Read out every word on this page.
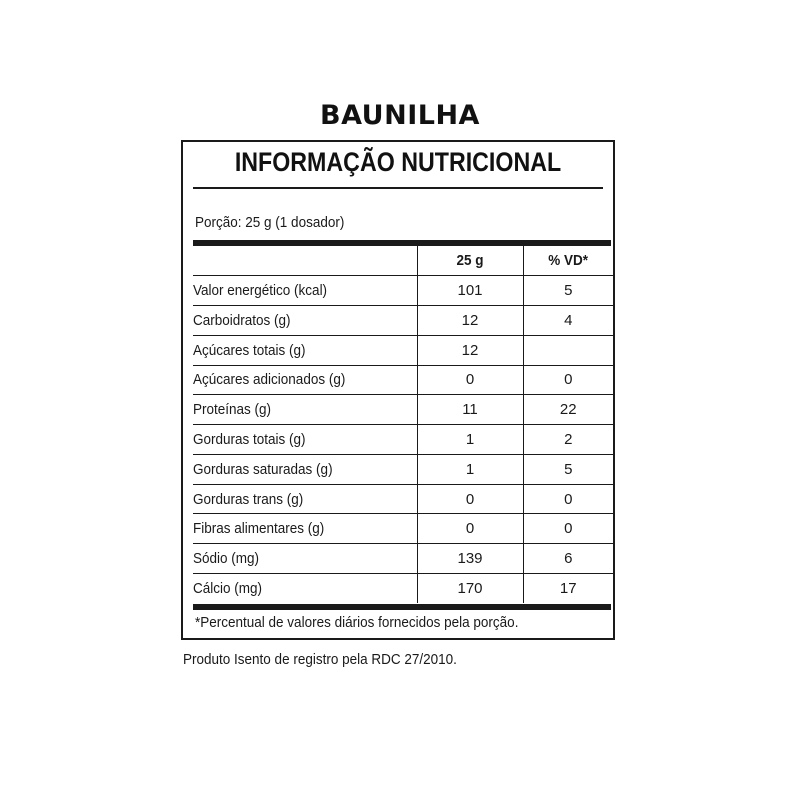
BAUNILHA
INFORMAÇÃO NUTRICIONAL
Porção: 25 g (1 dosador)
	25 g	% VD*
Valor energético (kcal)	101	5
Carboidratos (g)	12	4
Açúcares totais (g)	12	
Açúcares adicionados (g)	0	0
Proteínas (g)	11	22
Gorduras totais (g)	1	2
Gorduras saturadas (g)	1	5
Gorduras trans (g)	0	0
Fibras alimentares (g)	0	0
Sódio (mg)	139	6
Cálcio (mg)	170	17
*Percentual de valores diários fornecidos pela porção.
Produto Isento de registro pela RDC 27/2010.
